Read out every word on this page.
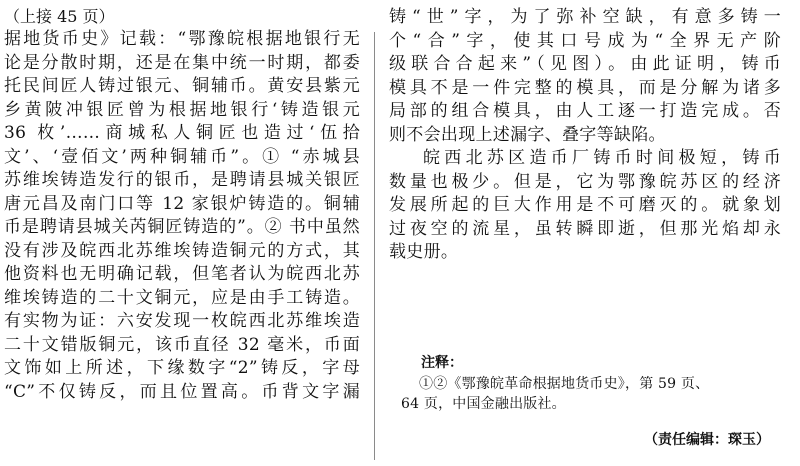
（上接 45 页）
据地货币史》记载：“鄂豫皖根据地银行无
论是分散时期，还是在集中统一时期，都委
托民间匠人铸过银元、铜辅币。黄安县紫元
乡黄陂冲银匠曾为根据地银行‘铸造银元
36 枚’……商城私人铜匠也造过‘伍拾
文’、‘壹佰文’两种铜辅币”。① “赤城县
苏维埃铸造发行的银币，是聘请县城关银匠
唐元昌及南门口等 12 家银炉铸造的。铜辅
币是聘请县城关芮铜匠铸造的”。② 书中虽然
没有涉及皖西北苏维埃铸造铜元的方式，其
他资料也无明确记载，但笔者认为皖西北苏
维埃铸造的二十文铜元，应是由手工铸造。
有实物为证：六安发现一枚皖西北苏维埃造
二十文错版铜元，该币直径 32 毫米，币面
文饰如上所述，下缘数字“2”铸反，字母
“C”不仅铸反，而且位置高。币背文字漏
铸“世”字，为了弥补空缺，有意多铸一
个“合”字，使其口号成为“全界无产阶
级联合合起来”（见图）。由此证明，铸币
模具不是一件完整的模具，而是分解为诸多
局部的组合模具，由人工逐一打造完成。否
则不会出现上述漏字、叠字等缺陷。
皖西北苏区造币厂铸币时间极短，铸币
数量也极少。但是，它为鄂豫皖苏区的经济
发展所起的巨大作用是不可磨灭的。就象划
过夜空的流星，虽转瞬即逝，但那光焰却永
载史册。
注释：
①②《鄂豫皖革命根据地货币史》，第 59 页、
64 页，中国金融出版社。
（责任编辑：琛玉）
